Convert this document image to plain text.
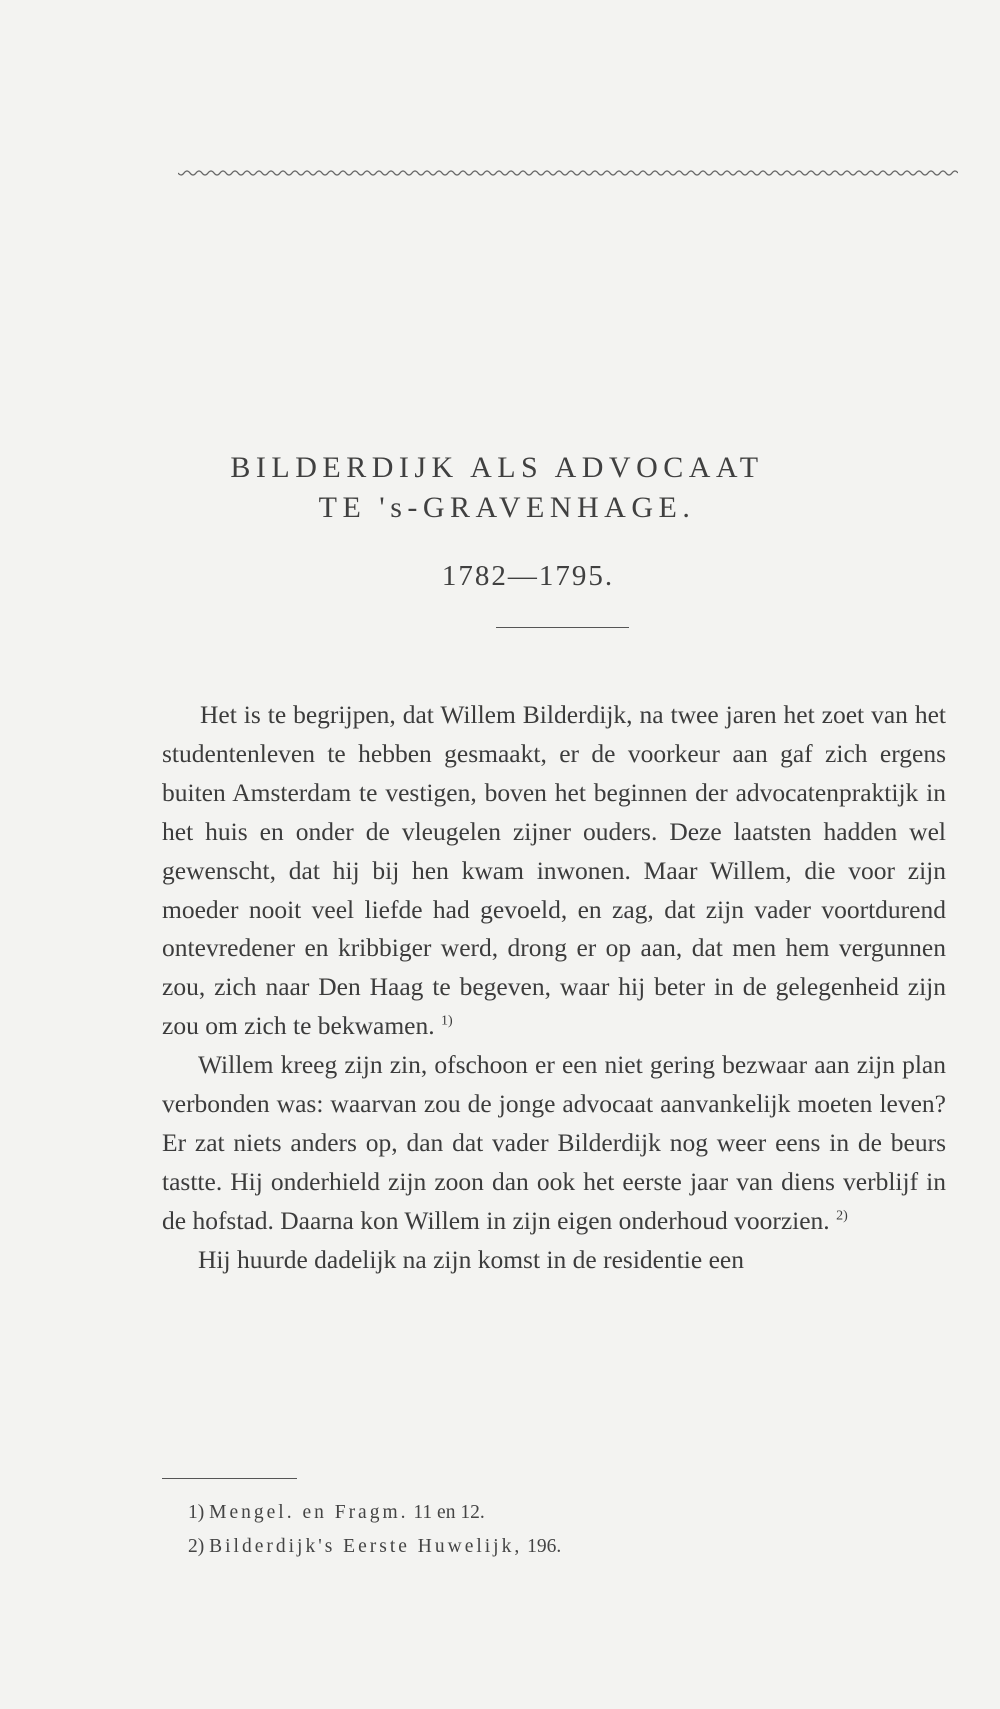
BILDERDIJK ALS ADVOCAAT
TE 's-GRAVENHAGE.
1782—1795.

Het is te begrijpen, dat Willem Bilderdijk, na twee jaren het zoet van het studentenleven te hebben gesmaakt, er de voorkeur aan gaf zich ergens buiten Amsterdam te vestigen, boven het beginnen der advocatenpraktijk in het huis en onder de vleugelen zijner ouders. Deze laatsten hadden wel gewenscht, dat hij bij hen kwam inwonen. Maar Willem, die voor zijn moeder nooit veel liefde had gevoeld, en zag, dat zijn vader voortdurend ontevredener en kribbiger werd, drong er op aan, dat men hem vergunnen zou, zich naar Den Haag te begeven, waar hij beter in de gelegenheid zijn zou om zich te bekwamen. $^{1)}$

Willem kreeg zijn zin, ofschoon er een niet gering bezwaar aan zijn plan verbonden was: waarvan zou de jonge advocaat aanvankelijk moeten leven? Er zat niets anders op, dan dat vader Bilderdijk nog weer eens in de beurs tastte. Hij onderhield zijn zoon dan ook het eerste jaar van diens verblijf in de hofstad. Daarna kon Willem in zijn eigen onderhoud voorzien. $^{2)}$

Hij huurde dadelijk na zijn komst in de residentie een

1) Mengel. en Fragm. 11 en 12.
2) Bilderdijk's Eerste Huwelijk, 196.
